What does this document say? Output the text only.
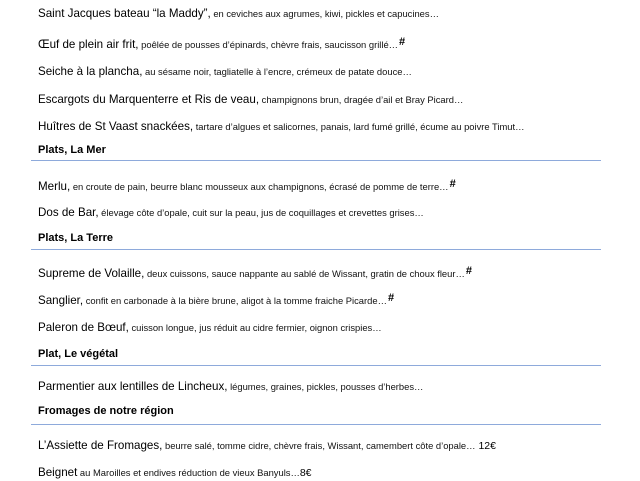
Saint Jacques bateau “la Maddy”, en ceviches aux agrumes, kiwi, pickles et capucines…
Œuf de plein air frit, poêlée de pousses d’épinards, chèvre frais, saucisson grillé…#
Seiche à la plancha, au sésame noir, tagliatelle à l’encre, crémeux de patate douce…
Escargots du Marquenterre et Ris de veau, champignons brun, dragée d’ail et Bray Picard…
Huîtres de St Vaast snackées, tartare d’algues et salicornes, panais, lard fumé grillé, écume au poivre Timut…
Plats, La Mer
Merlu, en croute de pain, beurre blanc mousseux aux champignons, écrasé de pomme de terre…#
Dos de Bar, élevage côte d’opale, cuit sur la peau, jus de coquillages et crevettes grises…
Plats, La Terre
Supreme de Volaille, deux cuissons, sauce nappante au sablé de Wissant, gratin de choux fleur…#
Sanglier, confit en carbonade à la bière brune, aligot à la tomme fraiche Picarde…#
Paleron de Bœuf, cuisson longue, jus réduit au cidre fermier, oignon crispies…
Plat, Le végétal
Parmentier aux lentilles de Lincheux, légumes, graines, pickles, pousses d’herbes…
Fromages de notre région
L’Assiette de Fromages, beurre salé, tomme cidre, chèvre frais, Wissant, camembert côte d’opale… 12€
Beignet au Maroilles et endives réduction de vieux Banyuls…8€
